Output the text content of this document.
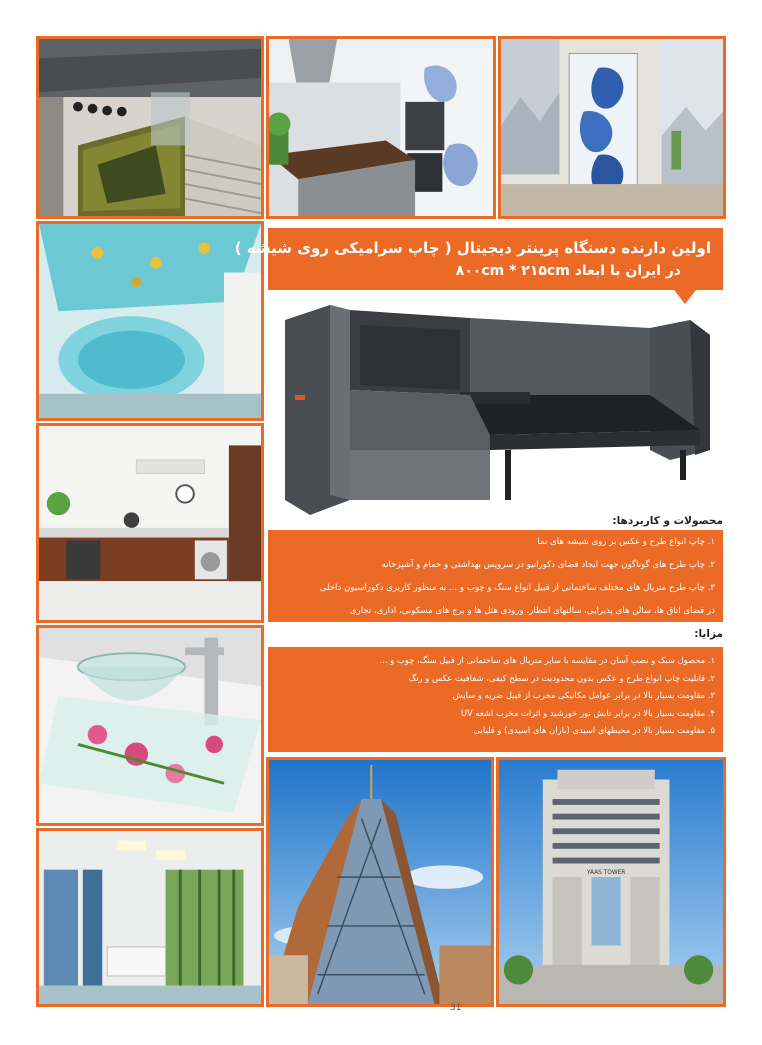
اولین دارنده دستگاه پرینتر دیجیتال ( چاپ سرامیکی روی شیشه )
در ایران با ابعاد ۸۰۰cm * ۲۱۵cm
محصولات و کاربردها:
۱. چاپ انواع طرح و عکس بر روی شیشه های نما
۲. چاپ طرح های گوناگون جهت ایجاد فضای دکوراتیو در سرویس بهداشتی و حمام و آشپزخانه
۳. چاپ طرح متریال های مختلف ساختمانی از قبیل انواع سنگ و چوب و ... به منظور کاربری دکوراسیون داخلی
در فضای اتاق ها، سالن های پذیرایی، سالنهای انتظار، ورودی هتل ها و برج های مسکونی، اداری، تجاری
مزایا:
۱. محصول سبک و نصب آسان در مقایسه با سایر متریال های ساختمانی از قبیل سنگ، چوب و ...
۲. قابلیت چاپ انواع طرح و عکس بدون محدودیت در سطح کیفی، شفافیت عکس و رنگ
۳. مقاومت بسیار بالا در برابر عوامل مکانیکی مخرب از قبیل ضربه و سایش
۴. مقاومت بسیار بالا در برابر تابش نور خورشید و اثرات مخرب اشعه UV
۵. مقاومت بسیار بالا در محیطهای اسیدی (باران های اسیدی) و قلیایی
YAAS TOWER
31
